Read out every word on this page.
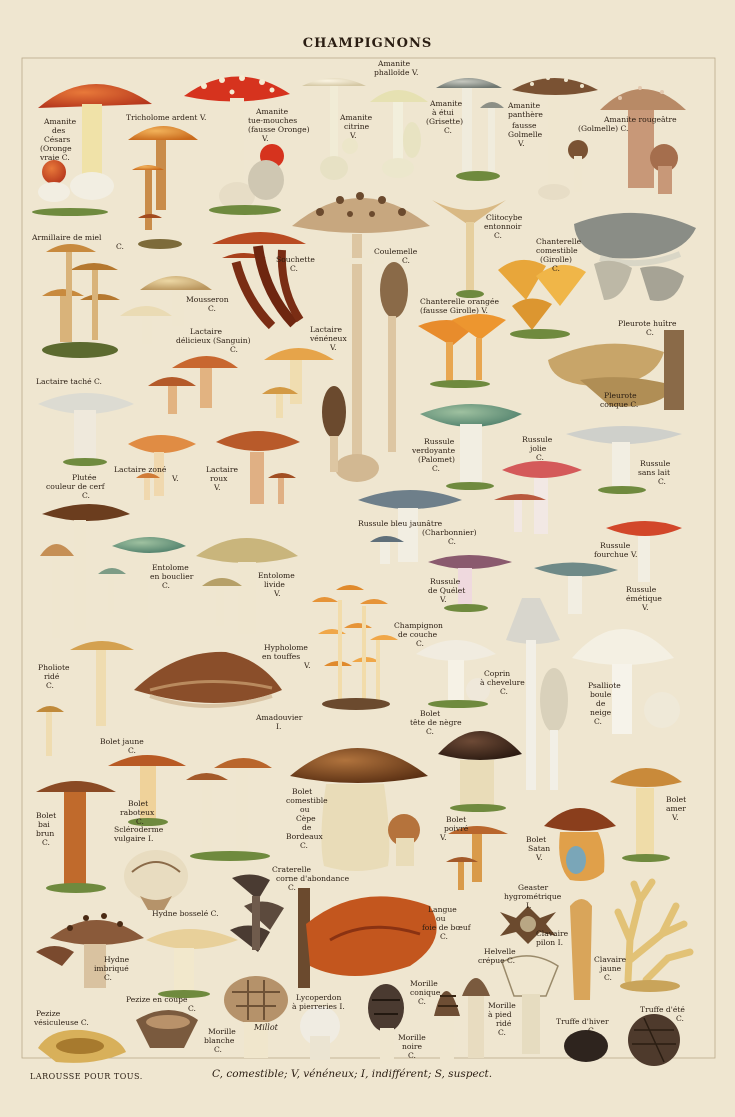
CHAMPIGNONS
Amanite
des
Césars
(Oronge
vraie C.
Tricholome ardent V.
Amanite
tue-mouches
(fausse Oronge)
V.
Amanite
citrine
V.
Amanite
phalloïde V.
Amanite
à étui
(Grisette)
C.
Amanite
panthère
fausse
Golmelle
V.
Amanite rougeâtre
(Golmelle) C.
Armillaire de miel
C.
Souchette
C.
Coulemelle
C.
Clitocybe
entonnoir
C.
Chanterelle
comestible
(Girolle)
C.
Mousseron
C.
Chanterelle orangée
(fausse Girolle) V.
Lactaire
délicieux (Sanguin)
C.
Lactaire
vénéneux
V.
Pleurote huître
C.
Lactaire taché C.
Pleurote
conque C.
Plutée
couleur de cerf
C.
Lactaire zoné
V.
Lactaire
roux
V.
Russule
verdoyante
(Palomet)
C.
Russule
jolie
C.
Russule
sans lait
C.
Russule bleu jaunâtre
(Charbonnier)
C.	Russule
fourchue V.
Entolome
en bouclier
C.
Entolome
livide
V.
Russule
de Quélet
V.
Russule
émétique
V.
Champignon
de couche
C.
Hypholome
en touffes
V.
Pholiote
ridé
C.
Coprin
à chevelure
C.
Psalliote
boule
de
neige
C.
Amadouvier
I.
Bolet
tête de nègre
C.
Bolet jaune
C.
Bolet
bai
brun
C.
Bolet
raboteux
C.
Bolet
comestible
ou
Cèpe
de
Bordeaux
C.
Bolet
poivré
V.
Bolet
amer
V.
Scléroderme
vulgaire I.	Bolet
Satan
V.
Craterelle
corne d'abondance
C.	Geaster
hygrométrique
I.
Hydne bosselé C.	Langue
ou
foie de bœuf
C.	Clavaire
pilon I.
Hydne
imbriqué
C.
Helvelle
crépue C.	Clavaire
jaune
C.
Pezize en coupe
C.
Lycoperdon
à pierreries I.
Morille
conique
C.	Morille
à pied
ridé
C.
Truffe d'été
C.
Pezize
vésiculeuse C.	Truffe d'hiver
C.
Morille
blanche
C.
Morille
noire
C.
Millot
LAROUSSE POUR TOUS.	C, comestible; V, vénéneux; I, indifférent; S, suspect.
